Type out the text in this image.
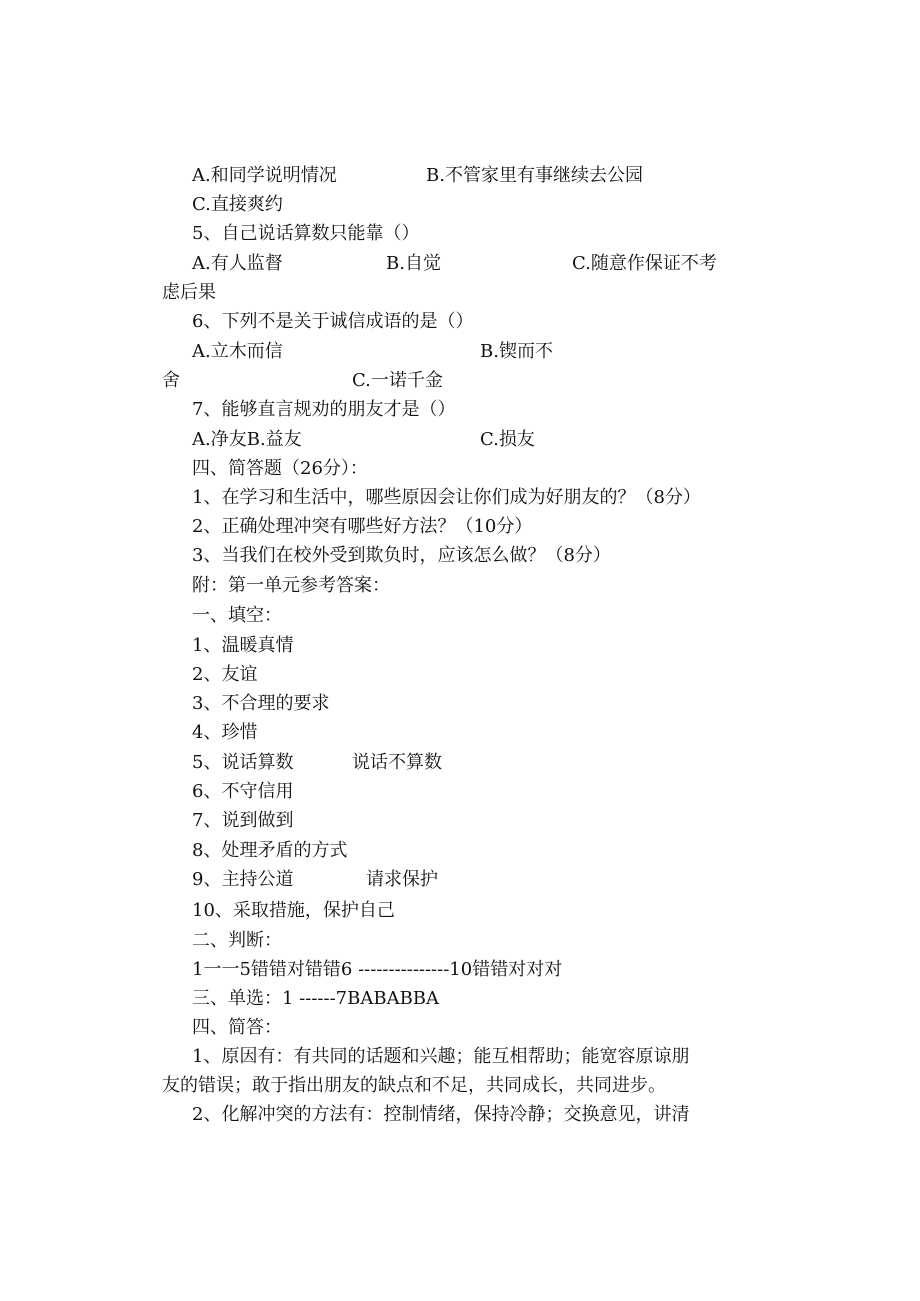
A.和同学说明情况	B.不管家里有事继续去公园
C.直接爽约
5、自己说话算数只能靠（）
A.有人监督	B.自觉	C.随意作保证不考
虑后果
6、下列不是关于诚信成语的是（）
A.立木而信	B.锲而不
舍	C.一诺千金
7、能够直言规劝的朋友才是（）
A.净友B.益友	C.损友
四、简答题（26分）：
1、在学习和生活中，哪些原因会让你们成为好朋友的？（8分）
2、正确处理冲突有哪些好方法？（10分）
3、当我们在校外受到欺负时，应该怎么做？（8分）
附：第一单元参考答案：
一、填空：
1、温暖真情
2、友谊
3、不合理的要求
4、珍惜
5、说话算数	说话不算数
6、不守信用
7、说到做到
8、处理矛盾的方式
9、主持公道	请求保护
10、采取措施，保护自己
二、判断：
1一一5错错对错错6 ---------------10错错对对对
三、单选：1 ------7BABABBA
四、简答：
1、原因有：有共同的话题和兴趣；能互相帮助；能宽容原谅朋
友的错误；敢于指出朋友的缺点和不足，共同成长，共同进步。
2、化解冲突的方法有：控制情绪，保持冷静；交换意见，讲清
